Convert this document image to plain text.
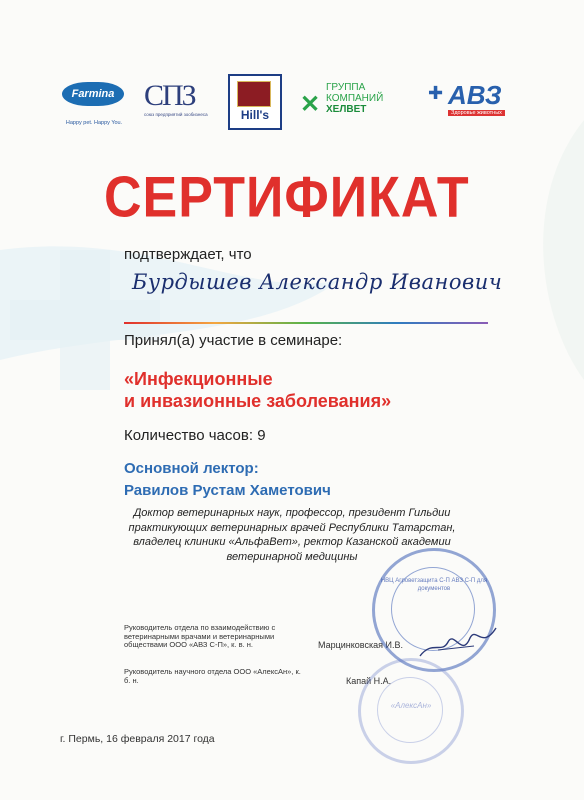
Farmina
Happy pet. Happy You.
СПЗ
союз предприятий зообизнеса	Hill's	✕
ГРУППА
КОМПАНИЙ
ХЕЛВЕТ
✚ АВЗ
Здоровье животных
СЕРТИФИКАТ
подтверждает, что
Бурдышев Александр Иванович
Принял(а) участие в семинаре:
«Инфекционные
и инвазионные заболевания»
Количество часов: 9
Основной лектор:
Равилов Рустам Хаметович
Доктор ветеринарных наук, профессор, президент Гильдии практикующих ветеринарных врачей Республики Татарстан, владелец клиники «АльфаВет», ректор Казанской академии ветеринарной медицины
Руководитель отдела по взаимодействию с ветеринарными врачами и ветеринарными обществами ООО «АВЗ С-П», к. в. н.	Марцинковская И.В.
Руководитель научного отдела ООО «АлексАн», к. б. н.	Капай Н.А.
НВЦ Агроветзащита С-П АВЗ С-П для документов
«АлексАн»
г. Пермь, 16 февраля 2017 года
